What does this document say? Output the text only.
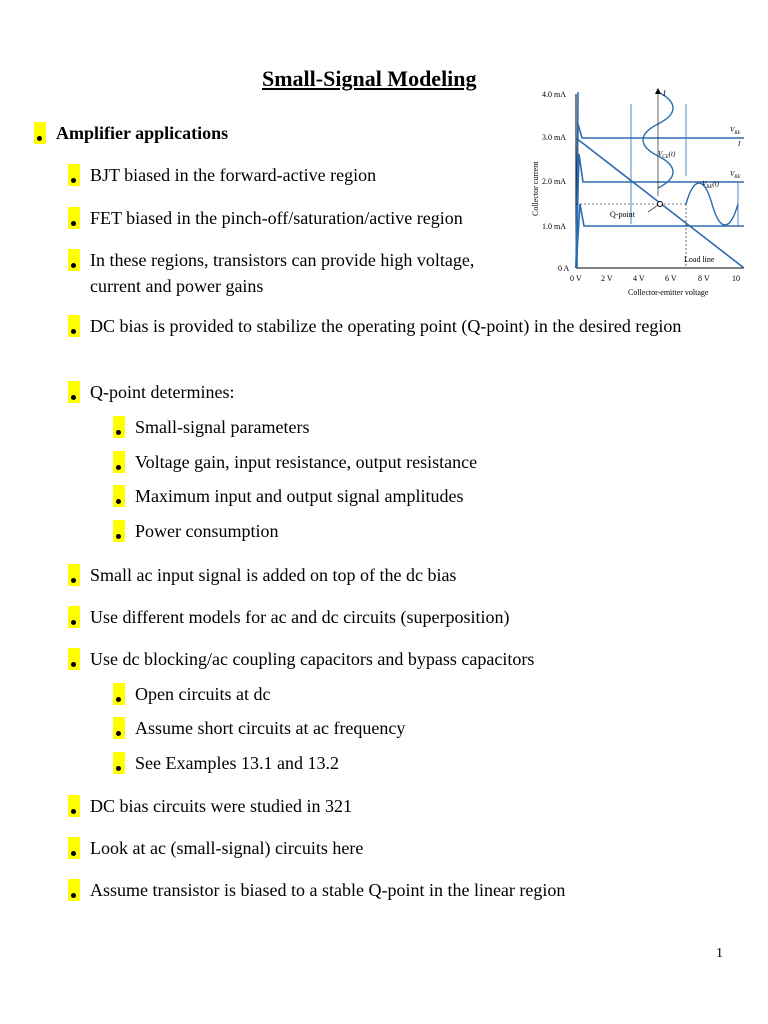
Small-Signal Modeling
Amplifier applications
BJT biased in the forward-active region
FET biased in the pinch-off/saturation/active region
In these regions, transistors can provide high voltage, current and power gains
DC bias is provided to stabilize the operating point (Q-point) in the desired region
Q-point determines:
Small-signal parameters
Voltage gain, input resistance, output resistance
Maximum input and output signal amplitudes
Power consumption
Small ac input signal is added on top of the dc bias
Use different models for ac and dc circuits (superposition)
Use dc blocking/ac coupling capacitors and bypass capacitors
Open circuits at dc
Assume short circuits at ac frequency
See Examples 13.1 and 13.2
DC bias circuits were studied in 321
Look at ac (small-signal) circuits here
Assume transistor is biased to a stable Q-point in the linear region
4.0 mA
3.0 mA
2.0 mA
1.0 mA
0 A
0 V 2 V	4 V	6 V	8 V	10
Collector-emitter voltage
Collector current
I
$V_{BE}(t)$
$V_{CE}(t)$
$V_{BE}$
I
$V_{BE}$
Q-point
Load line
1
